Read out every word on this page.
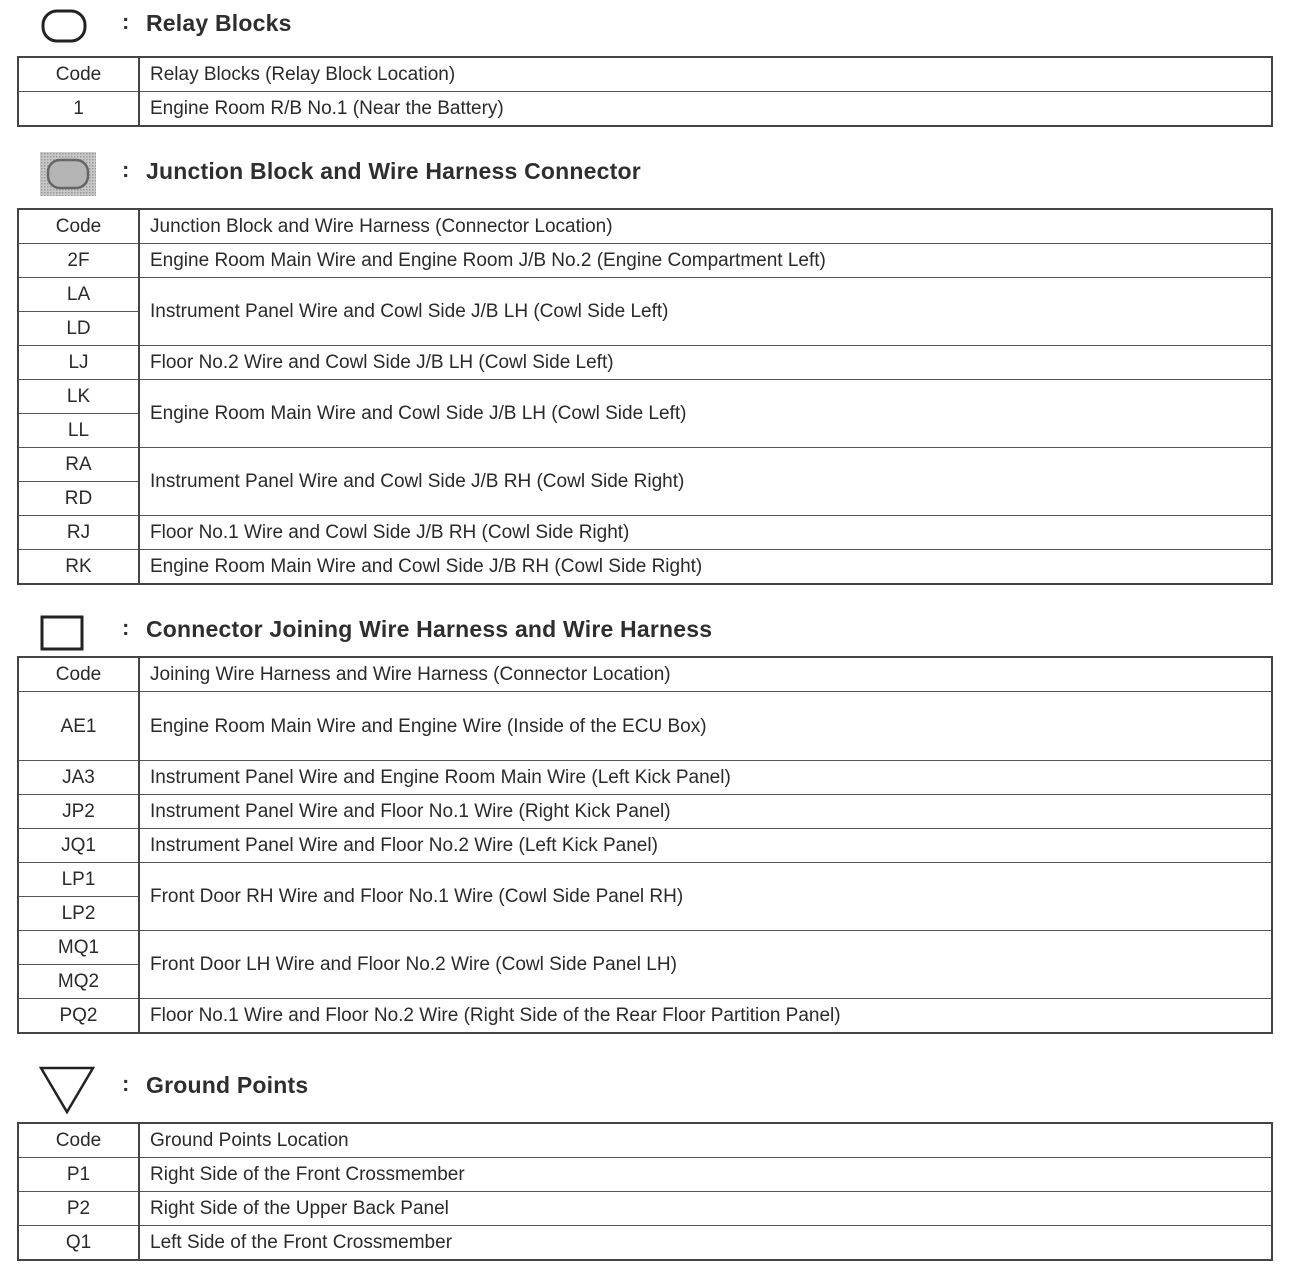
: Relay Blocks
Code	Relay Blocks (Relay Block Location)
1	Engine Room R/B No.1 (Near the Battery)
: Junction Block and Wire Harness Connector
Code	Junction Block and Wire Harness (Connector Location)
2F	Engine Room Main Wire and Engine Room J/B No.2 (Engine Compartment Left)
LA	Instrument Panel Wire and Cowl Side J/B LH (Cowl Side Left)
LD	
LJ	Floor No.2 Wire and Cowl Side J/B LH (Cowl Side Left)
LK	Engine Room Main Wire and Cowl Side J/B LH (Cowl Side Left)
LL	
RA	Instrument Panel Wire and Cowl Side J/B RH (Cowl Side Right)
RD	
RJ	Floor No.1 Wire and Cowl Side J/B RH (Cowl Side Right)
RK	Engine Room Main Wire and Cowl Side J/B RH (Cowl Side Right)
: Connector Joining Wire Harness and Wire Harness
Code	Joining Wire Harness and Wire Harness (Connector Location)
AE1	Engine Room Main Wire and Engine Wire (Inside of the ECU Box)
JA3	Instrument Panel Wire and Engine Room Main Wire (Left Kick Panel)
JP2	Instrument Panel Wire and Floor No.1 Wire (Right Kick Panel)
JQ1	Instrument Panel Wire and Floor No.2 Wire (Left Kick Panel)
LP1	Front Door RH Wire and Floor No.1 Wire (Cowl Side Panel RH)
LP2	
MQ1	Front Door LH Wire and Floor No.2 Wire (Cowl Side Panel LH)
MQ2	
PQ2	Floor No.1 Wire and Floor No.2 Wire (Right Side of the Rear Floor Partition Panel)
: Ground Points
Code	Ground Points Location
P1	Right Side of the Front Crossmember
P2	Right Side of the Upper Back Panel
Q1	Left Side of the Front Crossmember
